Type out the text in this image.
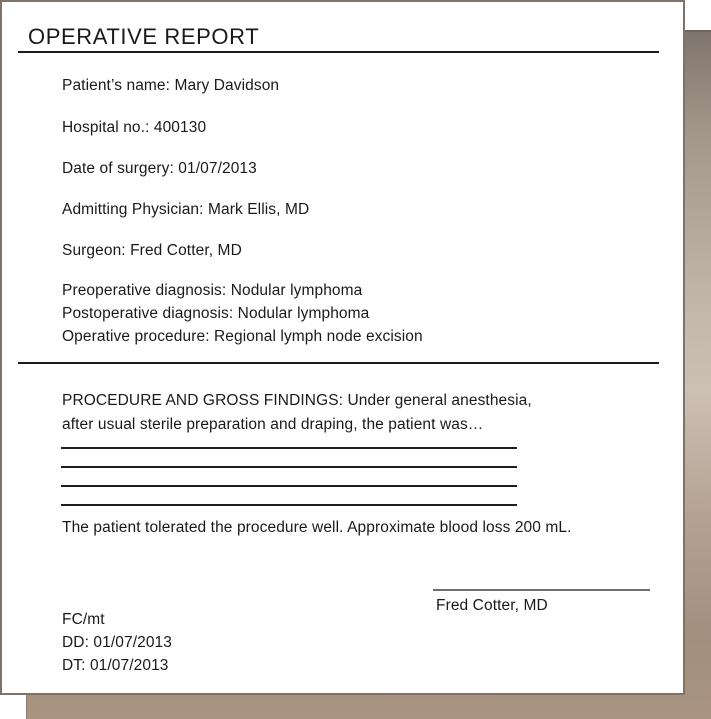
OPERATIVE REPORT
Patient’s name: Mary Davidson
Hospital no.: 400130
Date of surgery: 01/07/2013
Admitting Physician: Mark Ellis, MD
Surgeon: Fred Cotter, MD
Preoperative diagnosis: Nodular lymphoma
Postoperative diagnosis: Nodular lymphoma
Operative procedure: Regional lymph node excision
PROCEDURE AND GROSS FINDINGS: Under general anesthesia,
after usual sterile preparation and draping, the patient was…
The patient tolerated the procedure well. Approximate blood loss 200 mL.
Fred Cotter, MD
FC/mt
DD: 01/07/2013
DT: 01/07/2013
